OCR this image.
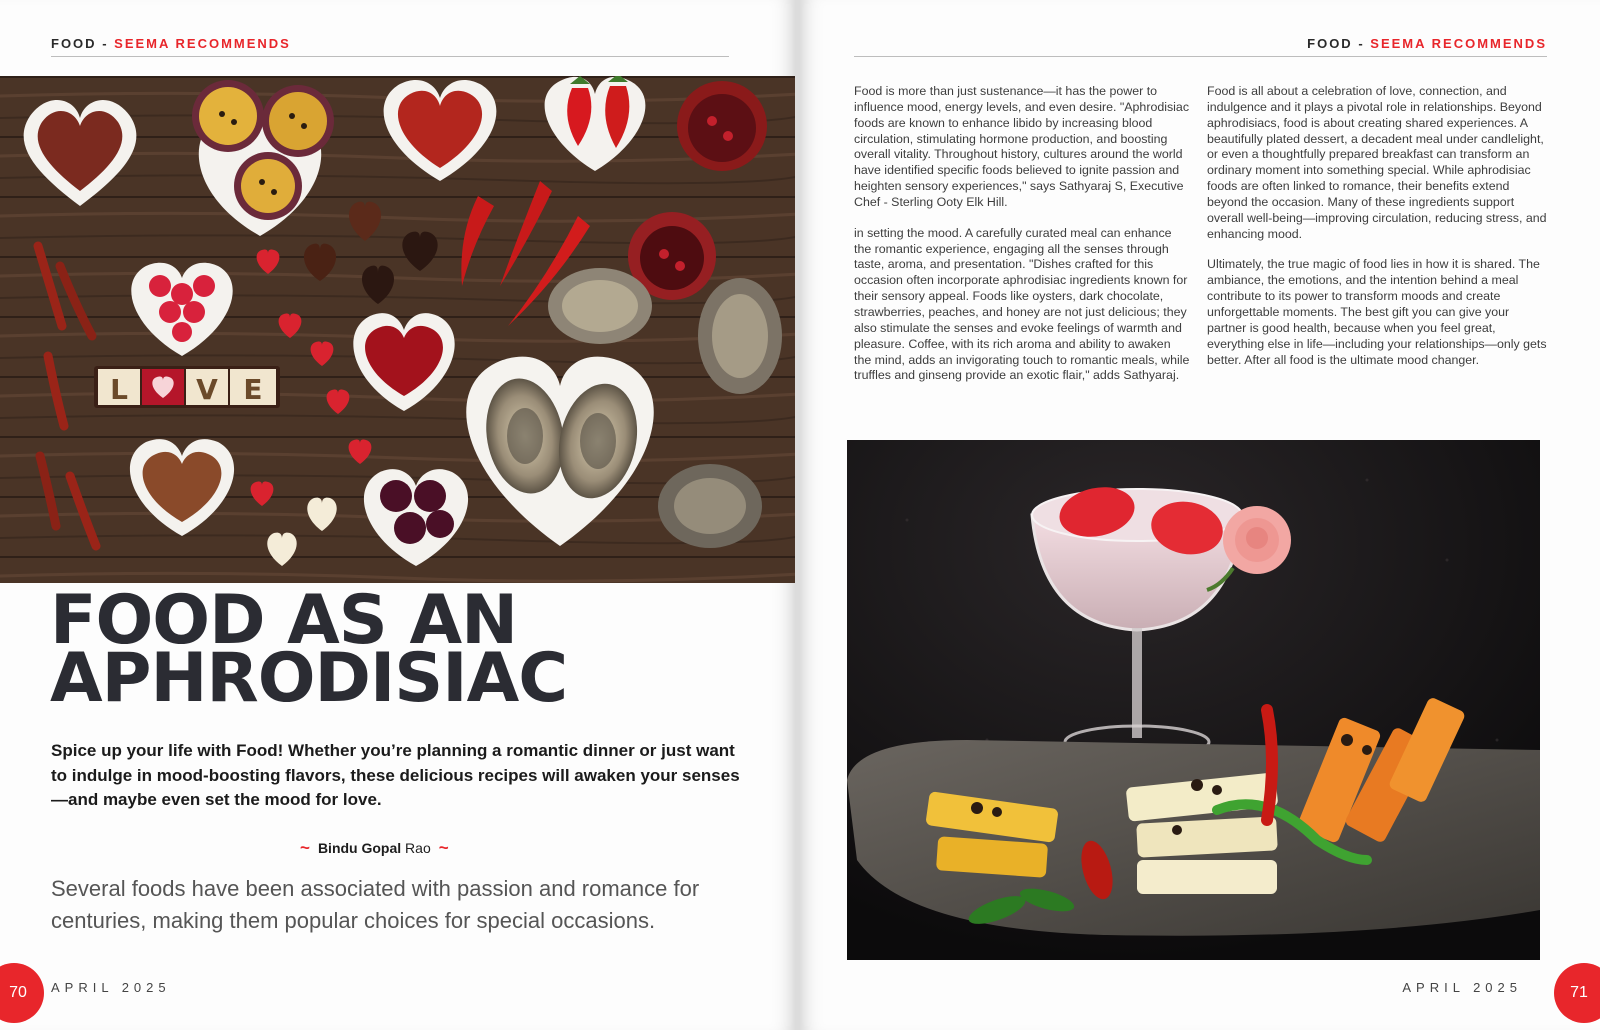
FOOD - SEEMA RECOMMENDS
L V E
FOOD AS AN
APHRODISIAC

Spice up your life with Food! Whether you’re planning a romantic dinner or just want to indulge in mood-boosting flavors, these delicious recipes will awaken your senses—and maybe even set the mood for love.

~ Bindu Gopal Rao ~

Several foods have been associated with passion and romance for centuries, making them popular choices for special occasions.

70 APRIL 2025
FOOD - SEEMA RECOMMENDS

Food is more than just sustenance—it has the power to influence mood, energy levels, and even desire. "Aphrodisiac foods are known to enhance libido by increasing blood circulation, stimulating hormone production, and boosting overall vitality. Throughout history, cultures around the world have identified specific foods believed to ignite passion and heighten sensory experiences," says Sathyaraj S, Executive Chef - Sterling Ooty Elk Hill.

in setting the mood. A carefully curated meal can enhance the romantic experience, engaging all the senses through taste, aroma, and presentation. "Dishes crafted for this occasion often incorporate aphrodisiac ingredients known for their sensory appeal. Foods like oysters, dark chocolate, strawberries, peaches, and honey are not just delicious; they also stimulate the senses and evoke feelings of warmth and pleasure. Coffee, with its rich aroma and ability to awaken the mind, adds an invigorating touch to romantic meals, while truffles and ginseng provide an exotic flair," adds Sathyaraj.

Food is all about a celebration of love, connection, and indulgence and it plays a pivotal role in relationships. Beyond aphrodisiacs, food is about creating shared experiences. A beautifully plated dessert, a decadent meal under candlelight, or even a thoughtfully prepared breakfast can transform an ordinary moment into something special. While aphrodisiac foods are often linked to romance, their benefits extend beyond the occasion. Many of these ingredients support overall well-being—improving circulation, reducing stress, and enhancing mood.

Ultimately, the true magic of food lies in how it is shared. The ambiance, the emotions, and the intention behind a meal contribute to its power to transform moods and create unforgettable moments. The best gift you can give your partner is good health, because when you feel great, everything else in life—including your relationships—only gets better. After all food is the ultimate mood changer.

APRIL 2025	71
